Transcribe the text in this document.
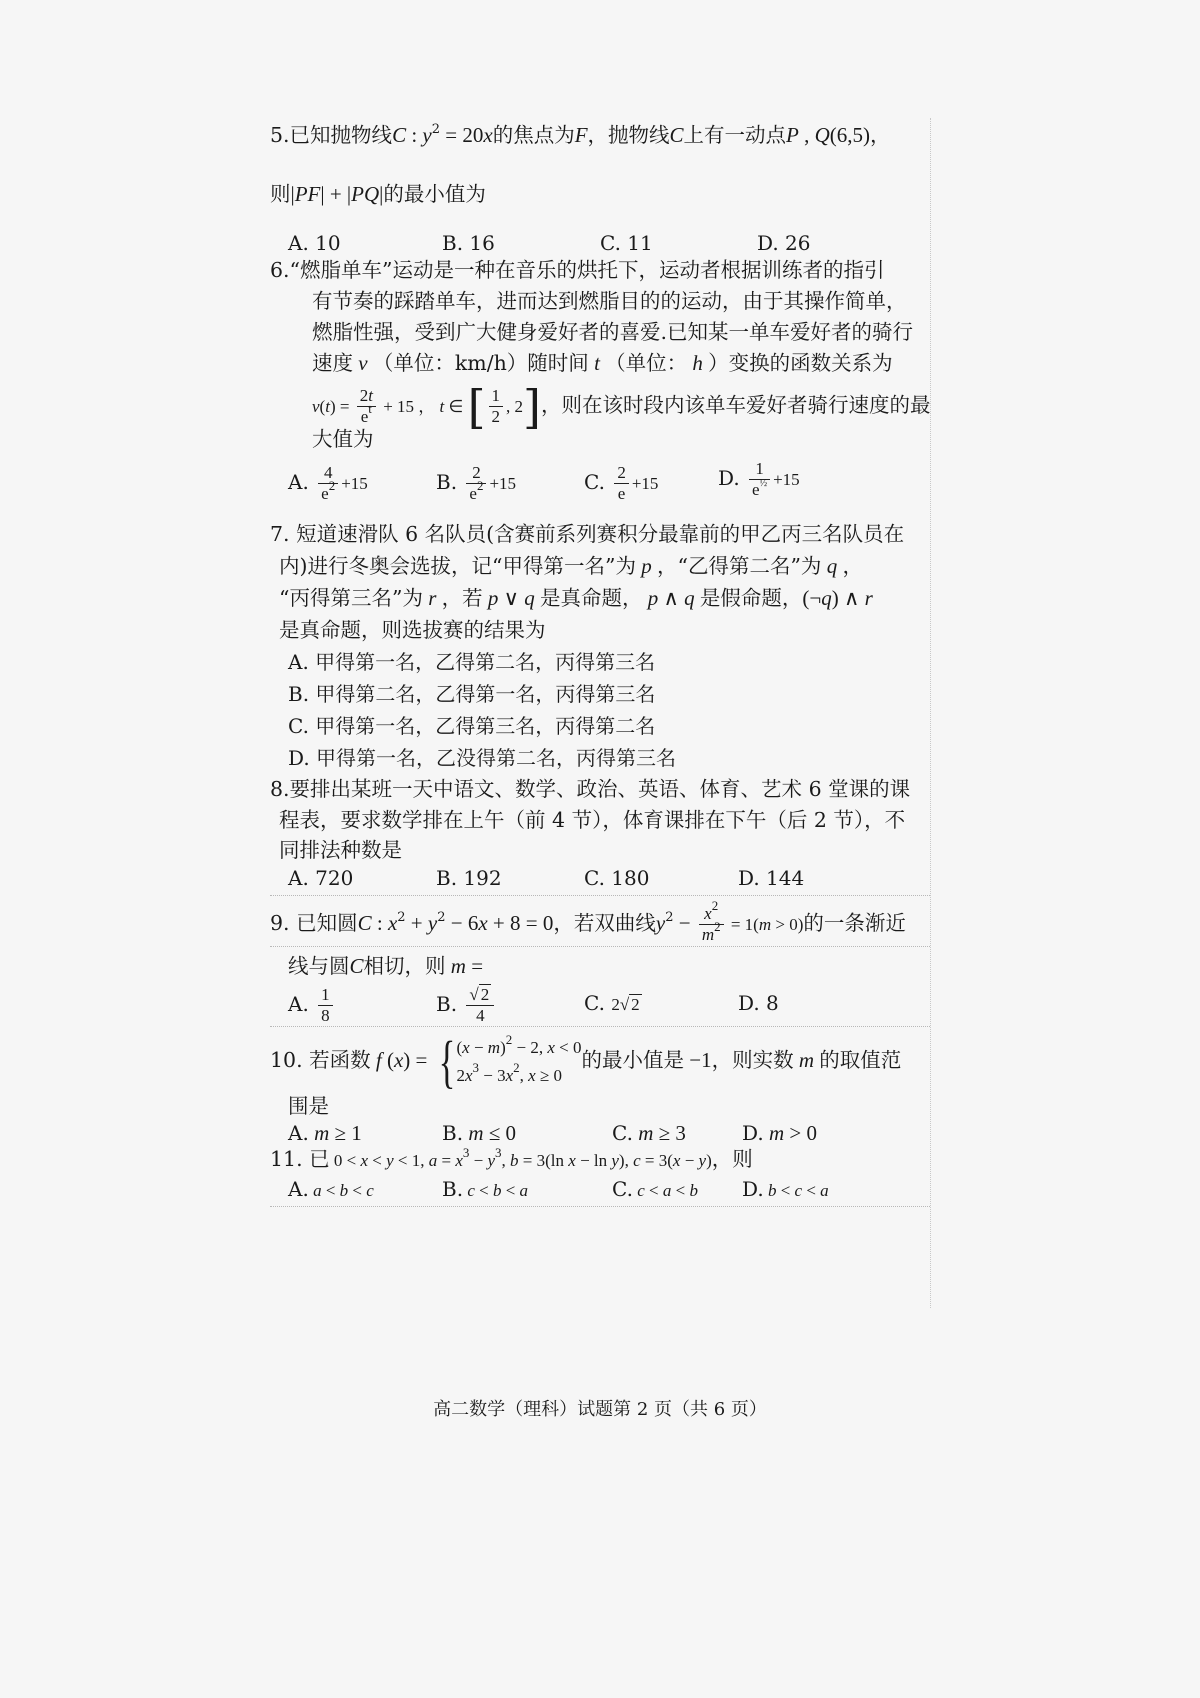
5.已知抛物线C : $y^2 = 20x$的焦点为F，抛物线C上有一动点P , Q(6,5)，
则|PF| + |PQ|的最小值为
A. 10	B. 16	C. 11	D. 26
6.“燃脂单车”运动是一种在音乐的烘托下，运动者根据训练者的指引
有节奏的踩踏单车，进而达到燃脂目的的运动，由于其操作简单，
燃脂性强，受到广大健身爱好者的喜爱.已知某一单车爱好者的骑行
速度 v （单位：km/h）随时间 t （单位： h ）变换的函数关系为
$v(t) = \frac{2t}{e^t} + 15$ ， t ∈ [ $\frac{1}{2}$ , 2]，则在该时段内该单车爱好者骑行速度的最
大值为
A. $\frac{4}{e^2} +15$	B. $\frac{2}{e^2} +15$	C. $\frac{2}{e} +15$	D. $\frac{1}{e^{\frac{1}{2}}} +15$
7. 短道速滑队 6 名队员(含赛前系列赛积分最靠前的甲乙丙三名队员在
内)进行冬奥会选拔，记“甲得第一名”为 p ，“乙得第二名”为 q ，
“丙得第三名”为 r ，若 p ∨ q 是真命题， p ∧ q 是假命题，(¬q) ∧ r
是真命题，则选拔赛的结果为
A. 甲得第一名，乙得第二名，丙得第三名
B. 甲得第二名，乙得第一名，丙得第三名
C. 甲得第一名，乙得第三名，丙得第二名
D. 甲得第一名，乙没得第二名，丙得第三名
8.要排出某班一天中语文、数学、政治、英语、体育、艺术 6 堂课的课
程表，要求数学排在上午（前 4 节），体育课排在下午（后 2 节），不
同排法种数是
A. 720	B. 192	C. 180	D. 144
9. 已知圆C : $x^2 + y^2 - 6x + 8 = 0$，若双曲线$y^2 - \frac{x^2}{m^2} = 1(m > 0)$的一条渐近
线与圆C相切，则 m =
A. $\frac{1}{8}$	B. $\frac{√ 2}{4}$	C. 2√ 2	D. 8
10. 若函数 f (x) = { $(x - m)^2 - 2$, x < 0
$2x^3 - 3x^2$, x ≥ 0
的最小值是 −1，则实数 m 的取值范
围是
A. m ≥ 1	B. m ≤ 0	C. m ≥ 3	D. m > 0
11. 已 0 < x < y < 1, $a = x^3 - y^3$, b = 3(ln x − ln y), c = 3(x − y)，则
A. a < b < c	B. c < b < a	C. c < a < b D. b < c < a
高二数学（理科）试题第 2 页（共 6 页）
